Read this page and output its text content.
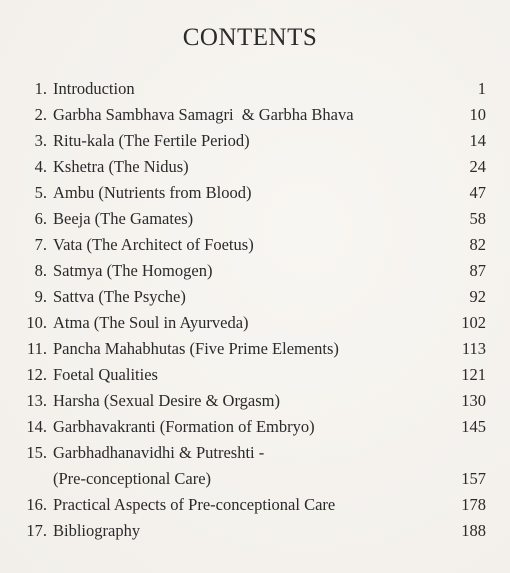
CONTENTS
1. Introduction	1
2. Garbha Sambhava Samagri  & Garbha Bhava	10
3. Ritu-kala (The Fertile Period)	14
4. Kshetra (The Nidus)	24
5. Ambu (Nutrients from Blood)	47
6. Beeja (The Gamates)	58
7. Vata (The Architect of Foetus)	82
8. Satmya (The Homogen)	87
9. Sattva (The Psyche)	92
10. Atma (The Soul in Ayurveda)	102
11. Pancha Mahabhutas (Five Prime Elements)	113
12. Foetal Qualities	121
13. Harsha (Sexual Desire & Orgasm)	130
14. Garbhavakranti (Formation of Embryo)	145
15. Garbhadhanavidhi & Putreshti -
(Pre-conceptional Care)	157
16. Practical Aspects of Pre-conceptional Care	178
17. Bibliography	188
